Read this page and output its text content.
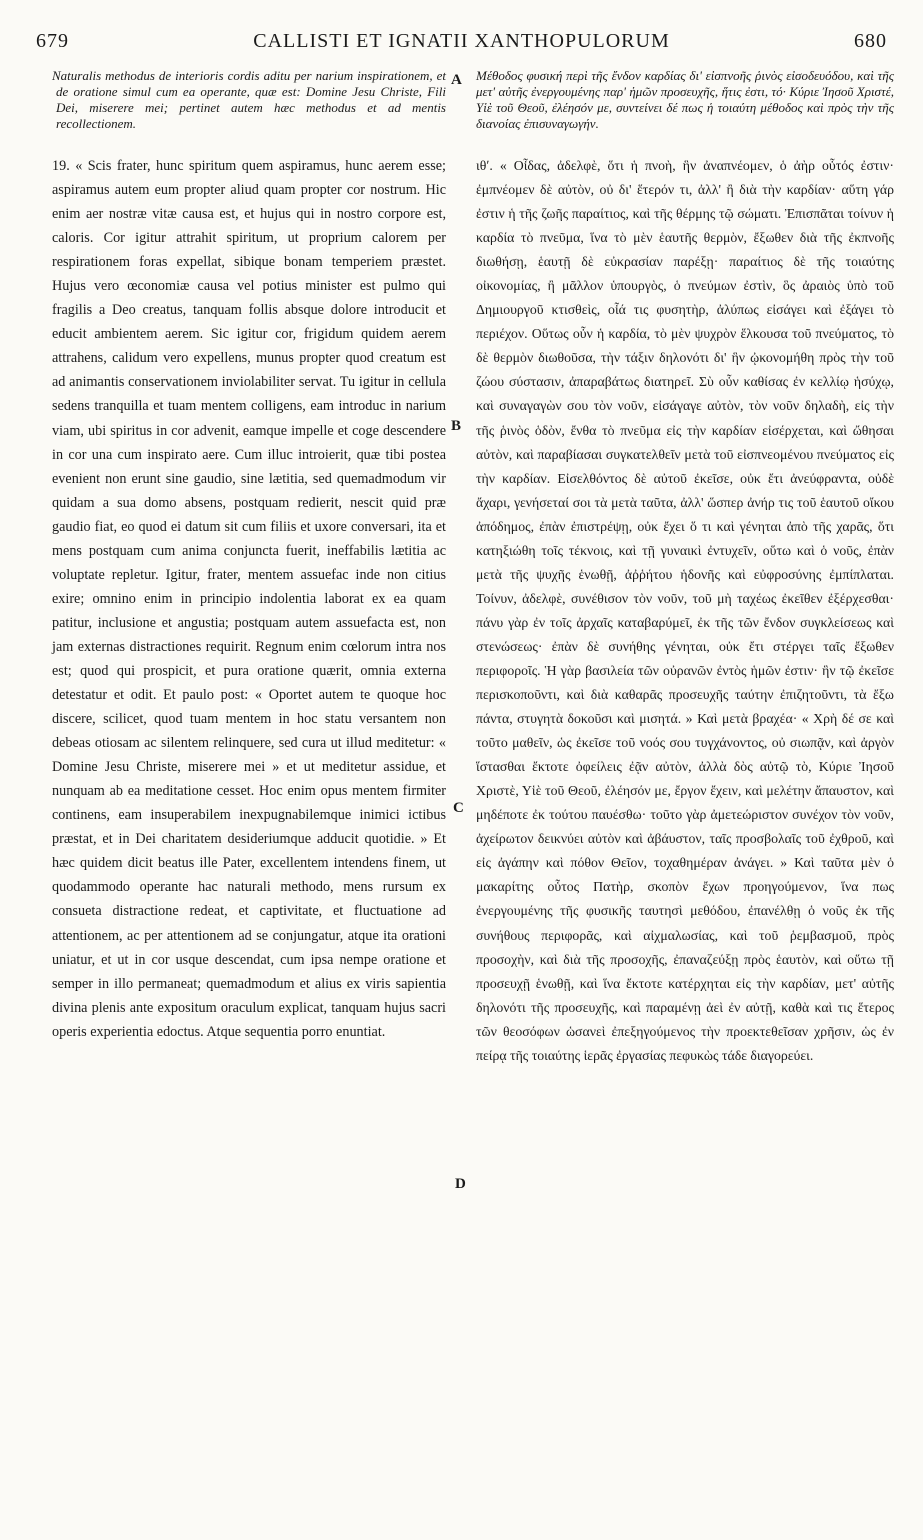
679	CALLISTI ET IGNATII XANTHOPULORUM	680

Naturalis methodus de interioris cordis aditu per narium inspirationem, et de oratione simul cum ea operante, quæ est: Domine Jesu Christe, Fili Dei, miserere mei; pertinet autem hæc methodus et ad mentis recollectionem.

19. « Scis frater, hunc spiritum quem aspiramus, hunc aerem esse; aspiramus autem eum propter aliud quam propter cor nostrum. Hic enim aer nostræ vitæ causa est, et hujus qui in nostro corpore est, caloris. Cor igitur attrahit spiritum, ut proprium calorem per respirationem foras expellat, sibique bonam temperiem præstet. Hujus vero œconomiæ causa vel potius minister est pulmo qui fragilis a Deo creatus, tanquam follis absque dolore introducit et educit ambientem aerem. Sic igitur cor, frigidum quidem aerem attrahens, calidum vero expellens, munus propter quod creatum est ad animantis conservationem inviolabiliter servat. Tu igitur in cellula sedens tranquilla et tuam mentem colligens, eam introduc in narium viam, ubi spiritus in cor advenit, eamque impelle et coge descendere in cor una cum inspirato aere. Cum illuc introierit, quæ tibi postea evenient non erunt sine gaudio, sine lætitia, sed quemadmodum vir quidam a sua domo absens, postquam redierit, nescit quid præ gaudio fiat, eo quod ei datum sit cum filiis et uxore conversari, ita et mens postquam cum anima conjuncta fuerit, ineffabilis lætitia ac voluptate repletur. Igitur, frater, mentem assuefac inde non citius exire; omnino enim in principio indolentia laborat ex ea quam patitur, inclusione et angustia; postquam autem assuefacta est, non jam externas distractiones requirit. Regnum enim cœlorum intra nos est; quod qui prospicit, et pura oratione quærit, omnia externa detestatur et odit. Et paulo post: « Oportet autem te quoque hoc discere, scilicet, quod tuam mentem in hoc statu versantem non debeas otiosam ac silentem relinquere, sed cura ut illud meditetur: « Domine Jesu Christe, miserere mei » et ut meditetur assidue, et nunquam ab ea meditatione cesset. Hoc enim opus mentem firmiter continens, eam insuperabilem inexpugnabilemque inimici ictibus præstat, et in Dei charitatem desideriumque adducit quotidie. » Et hæc quidem dicit beatus ille Pater, excellentem intendens finem, ut quodammodo operante hac naturali methodo, mens rursum ex consueta distractione redeat, et captivitate, et fluctuatione ad attentionem, ac per attentionem ad se conjungatur, atque ita orationi uniatur, et ut in cor usque descendat, cum ipsa nempe oratione et semper in illo permaneat; quemadmodum et alius ex viris sapientia divina plenis ante expositum oraculum explicat, tanquam hujus sacri operis experientia edoctus. Atque sequentia porro enuntiat.

A
B
C
D

Μέθοδος φυσική περὶ τῆς ἔνδον καρδίας δι' εἰσπνοῆς ῥινὸς εἰσοδευόδου, καὶ τῆς μετ' αὐτῆς ἐνεργουμένης παρ' ἡμῶν προσευχῆς, ἥτις ἐστι, τό· Κύριε Ἰησοῦ Χριστέ, Υἱὲ τοῦ Θεοῦ, ἐλέησόν με, συντείνει δέ πως ἡ τοιαύτη μέθοδος καὶ πρὸς τὴν τῆς διανοίας ἐπισυναγωγήν.

ιθʹ. « Οἶδας, ἀδελφὲ, ὅτι ἡ πνοὴ, ἣν ἀναπνέομεν, ὁ ἀὴρ οὗτός ἐστιν· ἐμπνέομεν δὲ αὐτὸν, οὐ δι' ἕτερόν τι, ἀλλ' ἢ διὰ τὴν καρδίαν· αὕτη γάρ ἐστιν ἡ τῆς ζωῆς παραίτιος, καὶ τῆς θέρμης τῷ σώματι. Ἐπισπᾶται τοίνυν ἡ καρδία τὸ πνεῦμα, ἵνα τὸ μὲν ἑαυτῆς θερμὸν, ἔξωθεν διὰ τῆς ἐκπνοῆς διωθήσῃ, ἑαυτῇ δὲ εὐκρασίαν παρέξῃ· παραίτιος δὲ τῆς τοιαύτης οἰκονομίας, ἢ μᾶλλον ὑπουργὸς, ὁ πνεύμων ἐστὶν, ὃς ἀραιὸς ὑπὸ τοῦ Δημιουργοῦ κτισθεὶς, οἷά τις φυσητὴρ, ἀλύπως εἰσάγει καὶ ἐξάγει τὸ περιέχον. Οὕτως οὖν ἡ καρδία, τὸ μὲν ψυχρὸν ἕλκουσα τοῦ πνεύματος, τὸ δὲ θερμὸν διωθοῦσα, τὴν τάξιν δηλονότι δι' ἣν ᾠκονομήθη πρὸς τὴν τοῦ ζώου σύστασιν, ἀπαραβάτως διατηρεῖ. Σὺ οὖν καθίσας ἐν κελλίῳ ἡσύχῳ, καὶ συναγαγὼν σου τὸν νοῦν, εἰσάγαγε αὐτὸν, τὸν νοῦν δηλαδὴ, εἰς τὴν τῆς ῥινὸς ὁδὸν, ἔνθα τὸ πνεῦμα εἰς τὴν καρδίαν εἰσέρχεται, καὶ ὤθησαι αὐτὸν, καὶ παραβίασαι συγκατελθεῖν μετὰ τοῦ εἰσπνεομένου πνεύματος εἰς τὴν καρδίαν. Εἰσελθόντος δὲ αὐτοῦ ἐκεῖσε, οὐκ ἔτι ἀνεύφραντα, οὐδὲ ἄχαρι, γενήσεταί σοι τὰ μετὰ ταῦτα, ἀλλ' ὥσπερ ἀνήρ τις τοῦ ἑαυτοῦ οἴκου ἀπόδημος, ἐπὰν ἐπιστρέψῃ, οὐκ ἔχει ὅ τι καὶ γένηται ἀπὸ τῆς χαρᾶς, ὅτι κατηξιώθη τοῖς τέκνοις, καὶ τῇ γυναικὶ ἐντυχεῖν, οὕτω καὶ ὁ νοῦς, ἐπὰν μετὰ τῆς ψυχῆς ἑνωθῇ, ἀῤῥήτου ἡδονῆς καὶ εὐφροσύνης ἐμπίπλαται. Τοίνυν, ἀδελφὲ, συνέθισον τὸν νοῦν, τοῦ μὴ ταχέως ἐκεῖθεν ἐξέρχεσθαι· πάνυ γὰρ ἐν τοῖς ἀρχαῖς καταβαρύμεῖ, ἐκ τῆς τῶν ἔνδον συγκλείσεως καὶ στενώσεως· ἐπὰν δὲ συνήθης γένηται, οὐκ ἔτι στέργει ταῖς ἔξωθεν περιφοροῖς. Ἡ γὰρ βασιλεία τῶν οὐρανῶν ἐντὸς ἡμῶν ἐστιν· ἣν τῷ ἐκεῖσε περισκοποῦντι, καὶ διὰ καθαρᾶς προσευχῆς ταύτην ἐπιζητοῦντι, τὰ ἔξω πάντα, στυγητὰ δοκοῦσι καὶ μισητά. » Καὶ μετὰ βραχέα· « Χρὴ δέ σε καὶ τοῦτο μαθεῖν, ὡς ἐκεῖσε τοῦ νοός σου τυγχάνοντος, οὐ σιωπᾷν, καὶ ἀργὸν ἵστασθαι ἔκτοτε ὀφείλεις ἐᾷν αὐτὸν, ἀλλὰ δὸς αὐτῷ τὸ, Κύριε Ἰησοῦ Χριστὲ, Υἱὲ τοῦ Θεοῦ, ἐλέησόν με, ἔργον ἔχειν, καὶ μελέτην ἄπαυστον, καὶ μηδέποτε ἐκ τούτου παυέσθω· τοῦτο γὰρ ἀμετεώριστον συνέχον τὸν νοῦν, ἀχείρωτον δεικνύει αὐτὸν καὶ ἀβάυστον, ταῖς προσβολαῖς τοῦ ἐχθροῦ, καὶ εἰς ἀγάπην καὶ πόθον Θεῖον, τοχαθημέραν ἀνάγει. » Καὶ ταῦτα μὲν ὁ μακαρίτης οὗτος Πατὴρ, σκοπὸν ἔχων προηγούμενον, ἵνα πως ἐνεργουμένης τῆς φυσικῆς ταυτησὶ μεθόδου, ἐπανέλθῃ ὁ νοῦς ἐκ τῆς συνήθους περιφορᾶς, καὶ αἰχμαλωσίας, καὶ τοῦ ῥεμβασμοῦ, πρὸς προσοχὴν, καὶ διὰ τῆς προσοχῆς, ἐπαναζεύξῃ πρὸς ἑαυτὸν, καὶ οὕτω τῇ προσευχῇ ἑνωθῇ, καὶ ἵνα ἔκτοτε κατέρχηται εἰς τὴν καρδίαν, μετ' αὐτῆς δηλονότι τῆς προσευχῆς, καὶ παραμένῃ ἀεὶ ἐν αὐτῇ, καθὰ καὶ τις ἕτερος τῶν θεοσόφων ὡσανεὶ ἐπεξηγούμενος τὴν προεκτεθεῖσαν χρῆσιν, ὡς ἐν πείρᾳ τῆς τοιαύτης ἱερᾶς ἐργασίας πεφυκὼς τάδε διαγορεύει.
